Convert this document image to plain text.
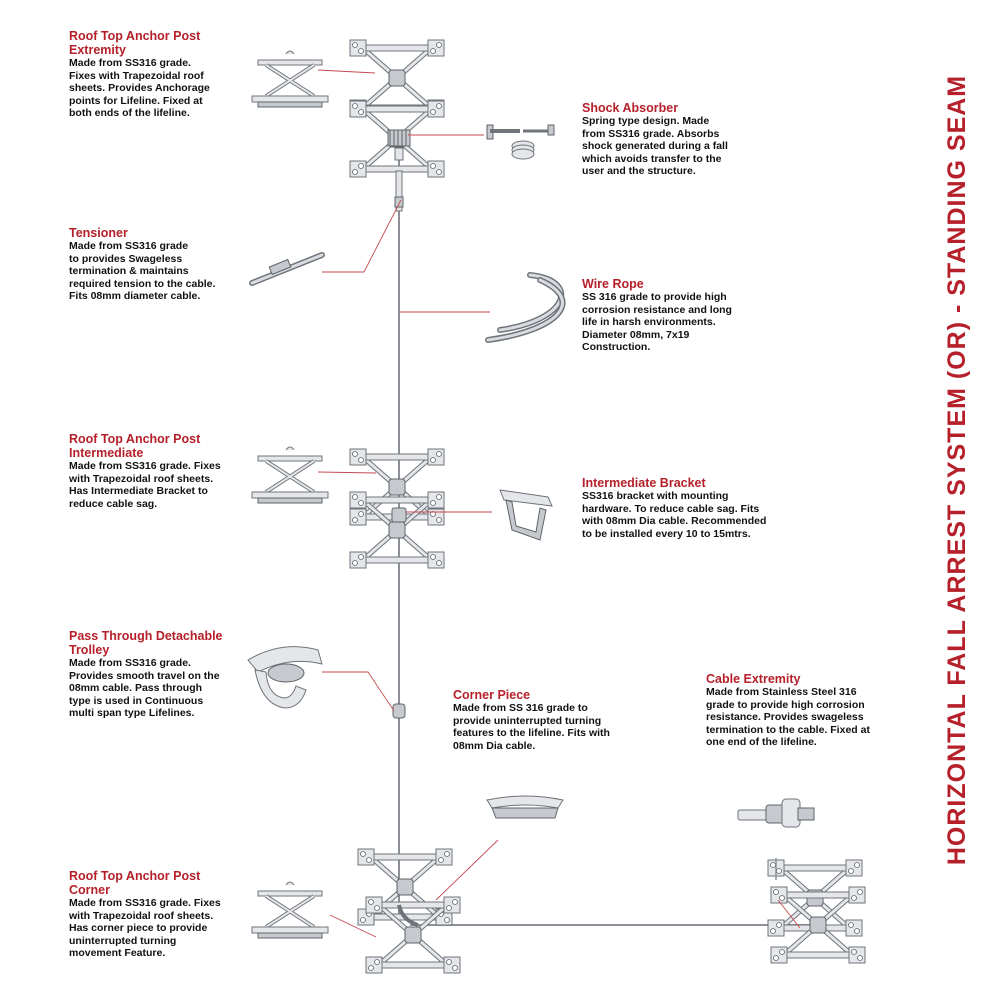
Roof Top Anchor Post
Extremity
Made from SS316 grade.
Fixes with Trapezoidal roof
sheets. Provides Anchorage
points for Lifeline. Fixed at
both ends of the lifeline.
Tensioner
Made from SS316 grade
to provides Swageless
termination & maintains
required tension to the cable.
Fits 08mm diameter cable.
Roof Top Anchor Post
Intermediate
Made from SS316 grade. Fixes
with Trapezoidal roof sheets.
Has Intermediate Bracket to
reduce cable sag.
Pass Through Detachable
Trolley
Made from SS316 grade.
Provides smooth travel on the
08mm cable. Pass through
type is used in Continuous
multi span type Lifelines.
Roof Top Anchor Post
Corner
Made from SS316 grade. Fixes
with Trapezoidal roof sheets.
Has corner piece to provide
uninterrupted turning
movement Feature.
Shock Absorber
Spring type design. Made
from SS316 grade. Absorbs
shock generated during a fall
which avoids transfer to the
user and the structure.
Wire Rope
SS 316 grade to provide high
corrosion resistance and long
life in harsh environments.
Diameter 08mm, 7x19
Construction.
Intermediate Bracket
SS316 bracket with mounting
hardware. To reduce cable sag. Fits
with 08mm Dia cable. Recommended
to be installed every 10 to 15mtrs.
Corner Piece
Made from SS 316 grade to
provide uninterrupted turning
features to the lifeline. Fits with
08mm Dia cable.
Cable Extremity
Made from Stainless Steel 316
grade to provide high corrosion
resistance. Provides swageless
termination to the cable. Fixed at
one end of the lifeline.	HORIZONTAL FALL ARREST SYSTEM (OR) - STANDING SEAM
